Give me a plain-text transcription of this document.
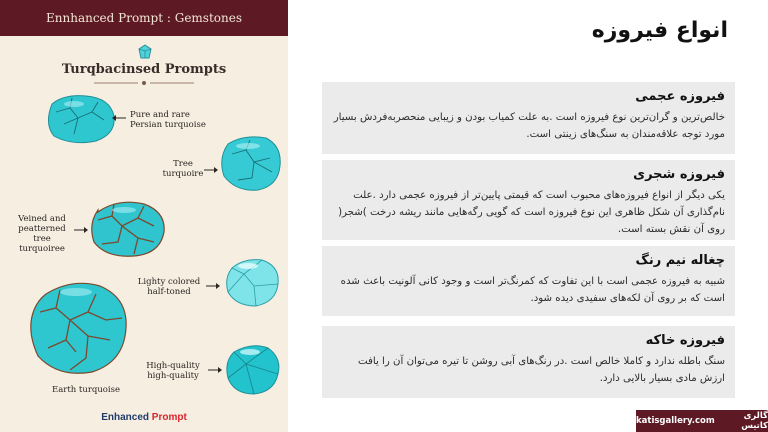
Ennhanced Prompt : Gemstones
Turqbacinsed Prompts
Pure and rare
Persian turquoise
Tree
turquoire
Veined and
peatterned tree
turquoiree
Lighty colored
half-toned
Earth turquoise
High-quality
high-quality
Enhanced Prompt
انواع فیروزه
فیروزه عجمی
خالص‌ترین و گران‌ترین نوع فیروزه است .به علت کمیاب بودن و زیبایی منحصربه‌فردش بسیار مورد توجه علاقه‌مندان به سنگ‌های زینتی است.
فیروزه شجری
یکی دیگر از انواع فیروزه‌های محبوب است که قیمتی پایین‌تر از فیروزه عجمی دارد .علت نام‌گذاری آن شکل ظاهری این نوع فیروزه است که گویی رگه‌هایی مانند ریشه درخت )شجر( روی آن نقش بسته است.
چغاله نیم رنگ
شبیه به فیروزه عجمی است با این تفاوت که کمرنگ‌تر است و وجود کانی آلونیت باعث شده است که بر روی آن لکه‌های سفیدی دیده شود.
فیروزه خاکه
سنگ باطله ندارد و کاملا خالص است .در رنگ‌های آبی روشن تا تیره می‌توان آن را یافت ارزش مادی بسیار بالایی دارد.
گالری کاتیس
katisgallery.com
